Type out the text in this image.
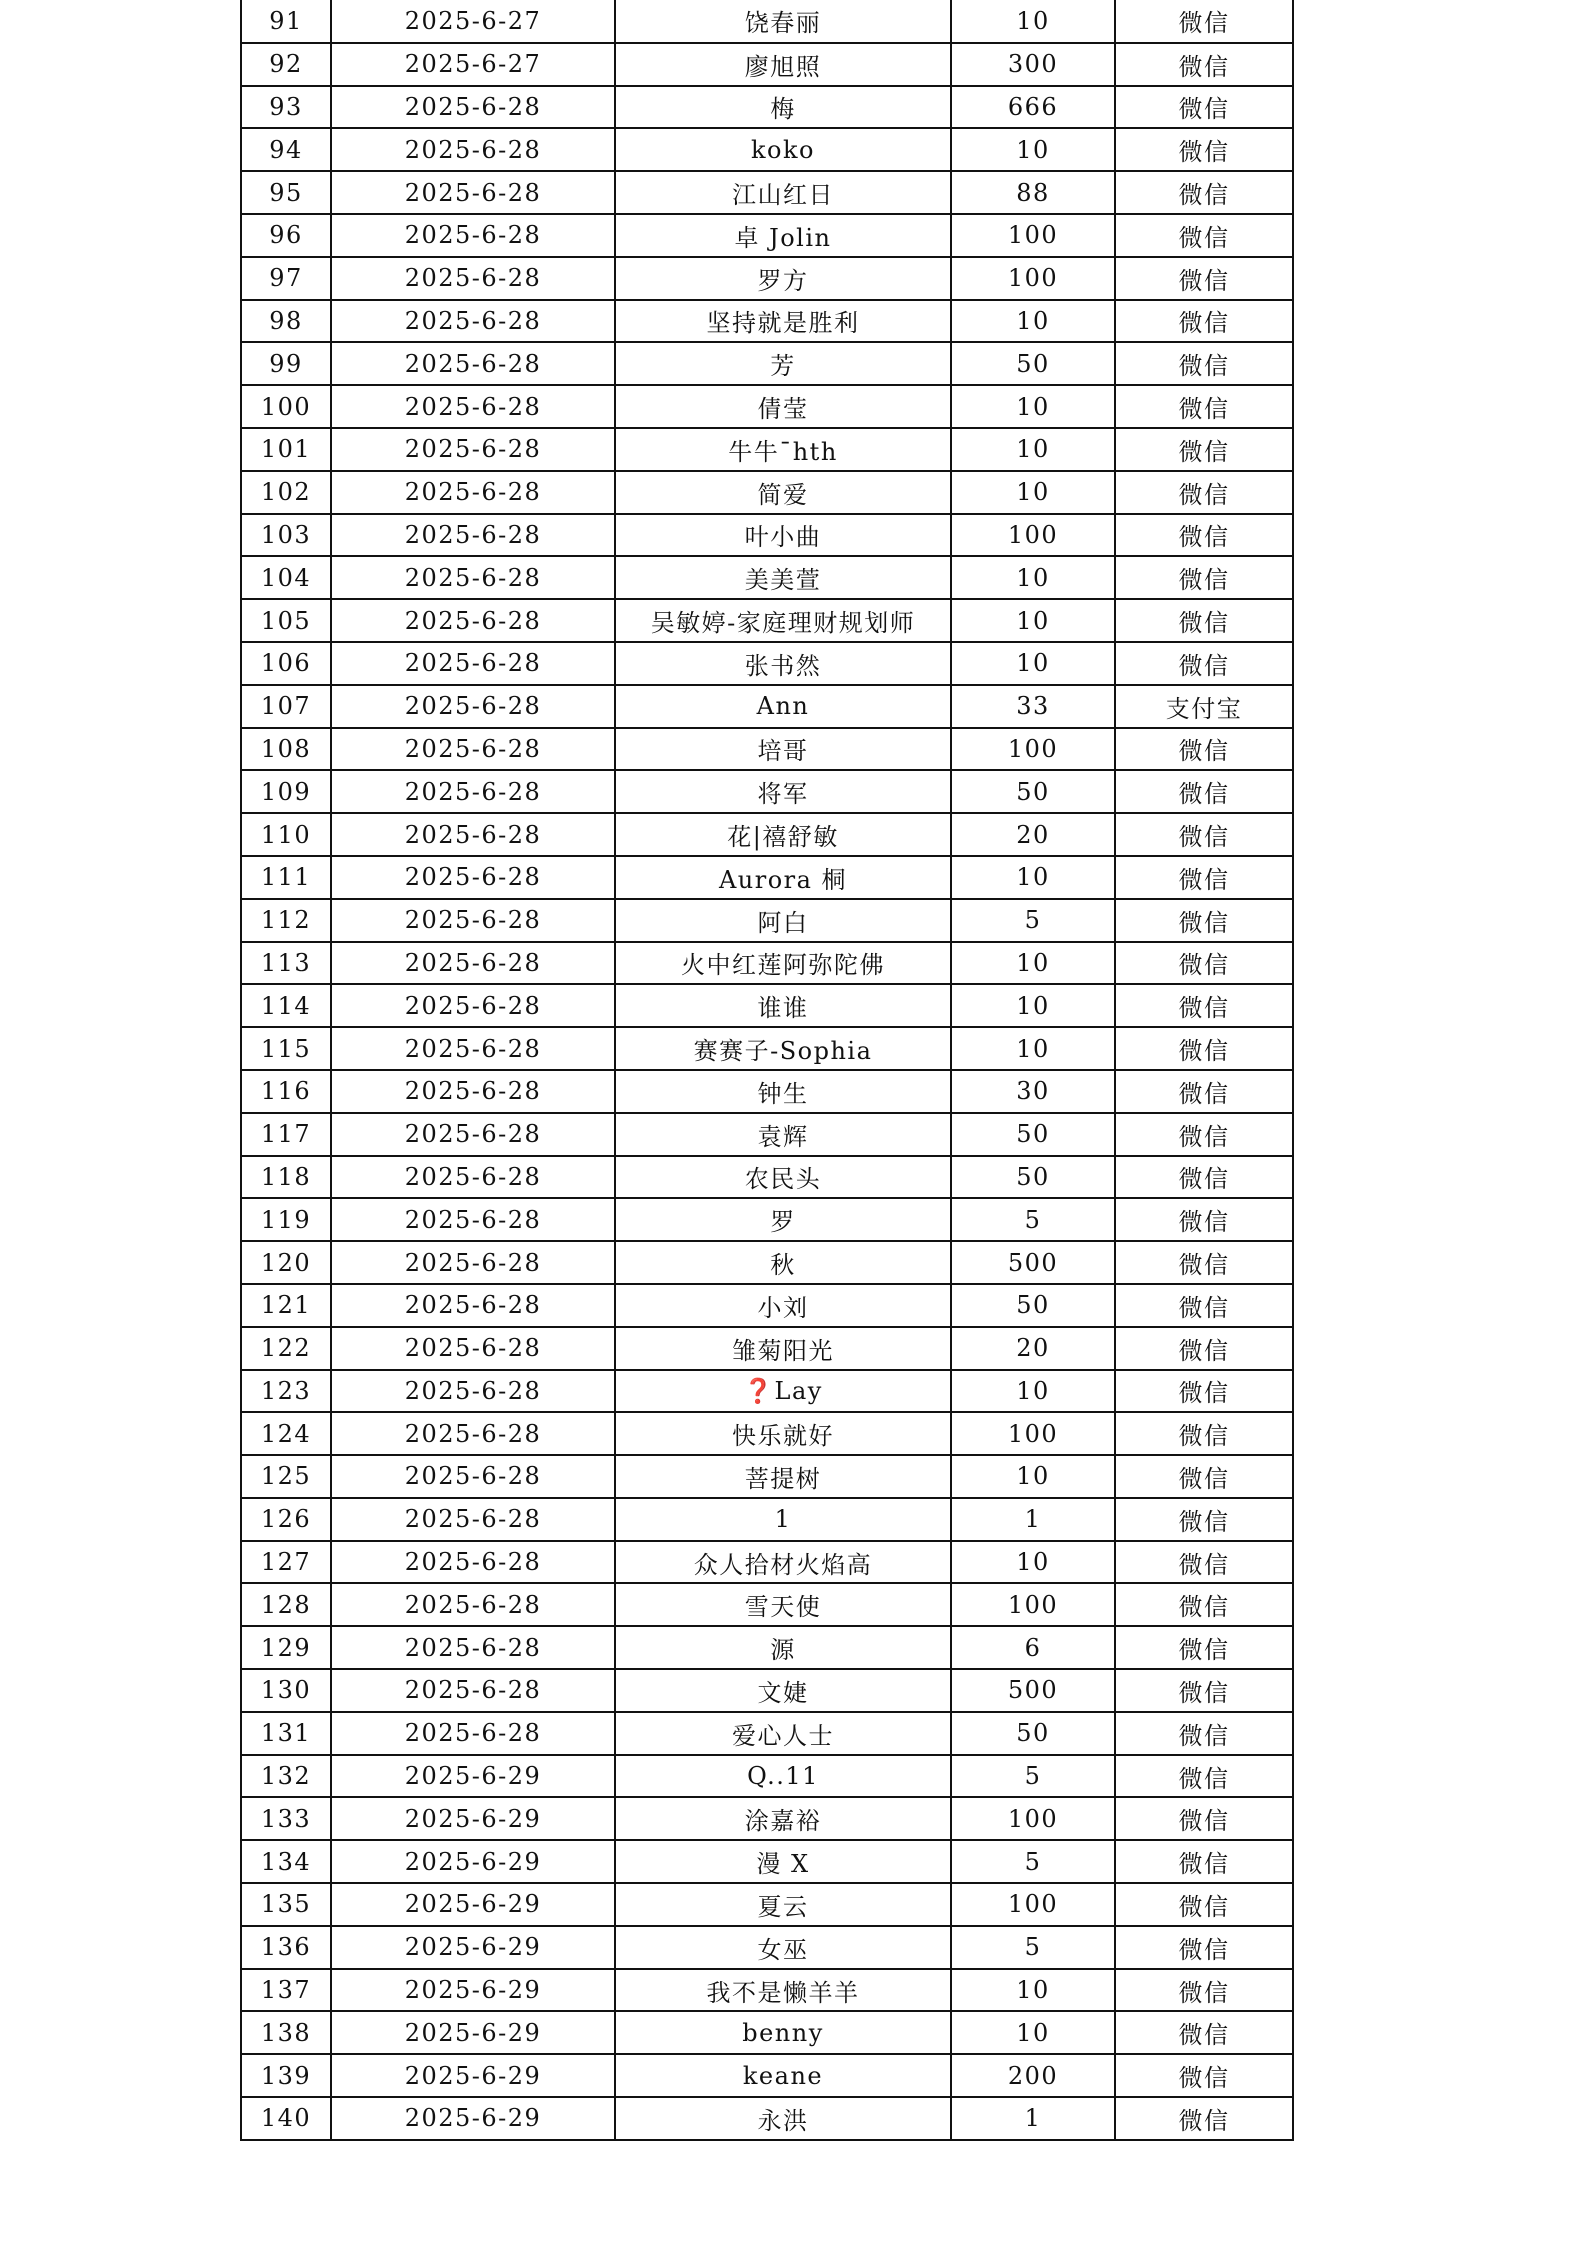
91	2025-6-27	饶春丽	10	微信
92	2025-6-27	廖旭照	300	微信
93	2025-6-28	梅	666	微信
94	2025-6-28	koko	10	微信
95	2025-6-28	江山红日	88	微信
96	2025-6-28	卓 Jolin	100	微信
97	2025-6-28	罗方	100	微信
98	2025-6-28	坚持就是胜利	10	微信
99	2025-6-28	芳	50	微信
100	2025-6-28	倩莹	10	微信
101	2025-6-28	牛牛¯hth	10	微信
102	2025-6-28	简爱	10	微信
103	2025-6-28	叶小曲	100	微信
104	2025-6-28	美美萱	10	微信
105	2025-6-28	吴敏婷-家庭理财规划师	10	微信
106	2025-6-28	张书然	10	微信
107	2025-6-28	Ann	33	支付宝
108	2025-6-28	培哥	100	微信
109	2025-6-28	将军	50	微信
110	2025-6-28	花|禧舒敏	20	微信
111	2025-6-28	Aurora 桐	10	微信
112	2025-6-28	阿白	5	微信
113	2025-6-28	火中红莲阿弥陀佛	10	微信
114	2025-6-28	谁谁	10	微信
115	2025-6-28	赛赛子-Sophia	10	微信
116	2025-6-28	钟生	30	微信
117	2025-6-28	袁辉	50	微信
118	2025-6-28	农民头	50	微信
119	2025-6-28	罗	5	微信
120	2025-6-28	秋	500	微信
121	2025-6-28	小刘	50	微信
122	2025-6-28	雏菊阳光	20	微信
123	2025-6-28	❓Lay	10	微信
124	2025-6-28	快乐就好	100	微信
125	2025-6-28	菩提树	10	微信
126	2025-6-28	1	1	微信
127	2025-6-28	众人拾材火焰高	10	微信
128	2025-6-28	雪天使	100	微信
129	2025-6-28	源	6	微信
130	2025-6-28	文婕	500	微信
131	2025-6-28	爱心人士	50	微信
132	2025-6-29	Q..11	5	微信
133	2025-6-29	涂嘉裕	100	微信
134	2025-6-29	漫 X	5	微信
135	2025-6-29	夏云	100	微信
136	2025-6-29	女巫	5	微信
137	2025-6-29	我不是懒羊羊	10	微信
138	2025-6-29	benny	10	微信
139	2025-6-29	keane	200	微信
140	2025-6-29	永洪	1	微信
